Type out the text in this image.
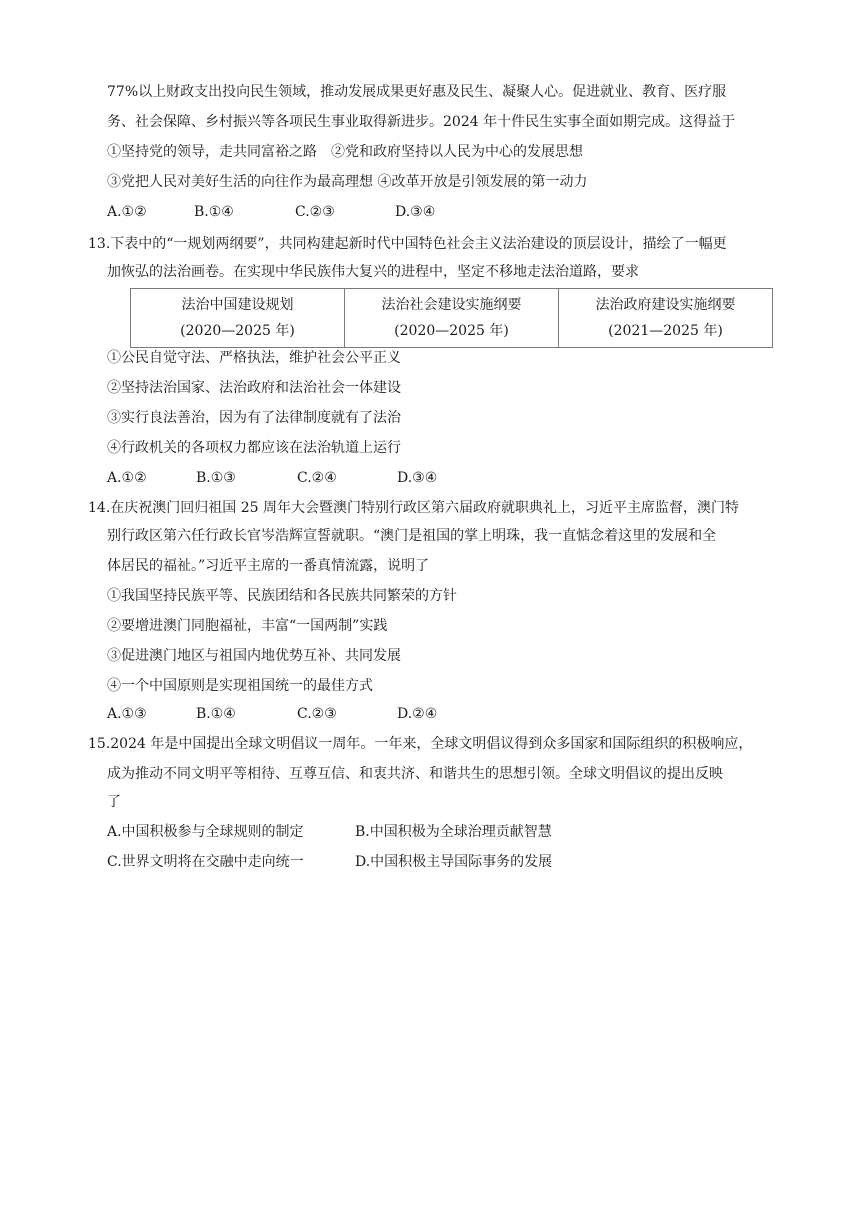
77%以上财政支出投向民生领域，推动发展成果更好惠及民生、凝聚人心。促进就业、教育、医疗服
务、社会保障、乡村振兴等各项民生事业取得新进步。2024 年十件民生实事全面如期完成。这得益于
①坚持党的领导，走共同富裕之路　②党和政府坚持以人民为中心的发展思想
③党把人民对美好生活的向往作为最高理想 ④改革开放是引领发展的第一动力
A.①②	B.①④	C.②③	D.③④
13.下表中的“一规划两纲要”，共同构建起新时代中国特色社会主义法治建设的顶层设计，描绘了一幅更
加恢弘的法治画卷。在实现中华民族伟大复兴的进程中，坚定不移地走法治道路，要求
法治中国建设规划
(2020—2025 年)

法治社会建设实施纲要
(2020—2025 年)

法治政府建设实施纲要
(2021—2025 年)
①公民自觉守法、严格执法，维护社会公平正义
②坚持法治国家、法治政府和法治社会一体建设
③实行良法善治，因为有了法律制度就有了法治
④行政机关的各项权力都应该在法治轨道上运行
A.①②	B.①③	C.②④	D.③④
14.在庆祝澳门回归祖国 25 周年大会暨澳门特别行政区第六届政府就职典礼上，习近平主席监督，澳门特
别行政区第六任行政长官岑浩辉宣誓就职。“澳门是祖国的掌上明珠，我一直惦念着这里的发展和全
体居民的福祉。”习近平主席的一番真情流露，说明了
①我国坚持民族平等、民族团结和各民族共同繁荣的方针
②要增进澳门同胞福祉，丰富“一国两制”实践
③促进澳门地区与祖国内地优势互补、共同发展
④一个中国原则是实现祖国统一的最佳方式
A.①③	B.①④	C.②③	D.②④
15.2024 年是中国提出全球文明倡议一周年。一年来，全球文明倡议得到众多国家和国际组织的积极响应，
成为推动不同文明平等相待、互尊互信、和衷共济、和谐共生的思想引领。全球文明倡议的提出反映
了
A.中国积极参与全球规则的制定	B.中国积极为全球治理贡献智慧
C.世界文明将在交融中走向统一	D.中国积极主导国际事务的发展
